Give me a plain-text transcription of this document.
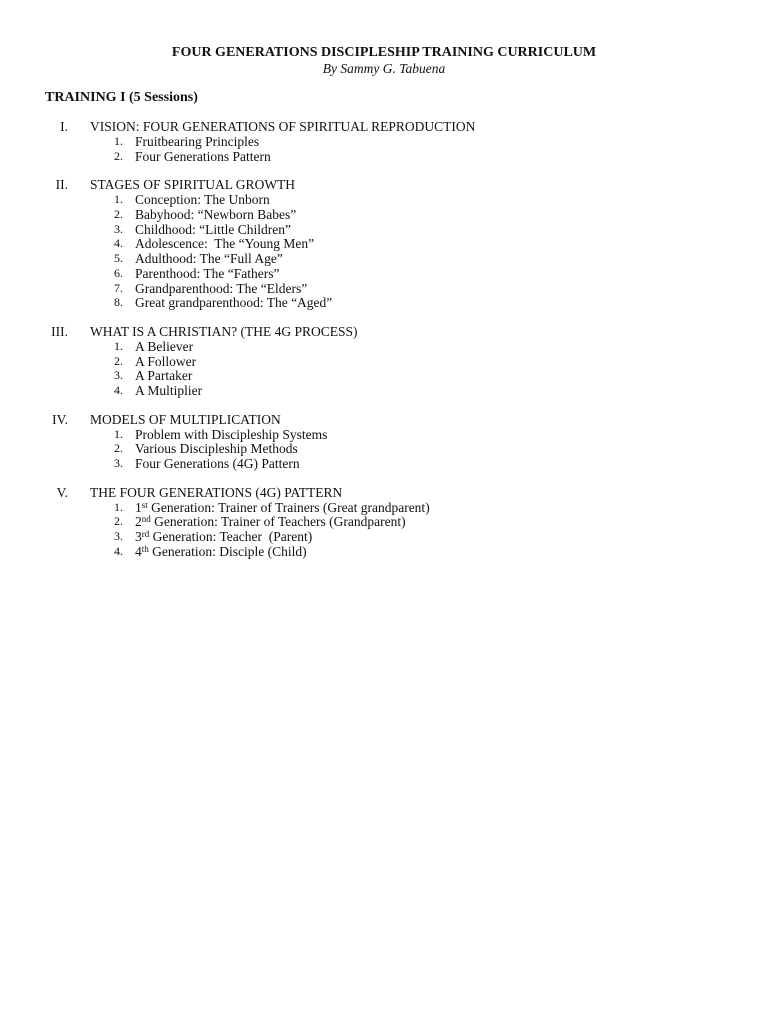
FOUR GENERATIONS DISCIPLESHIP TRAINING CURRICULUM
By Sammy G. Tabuena
TRAINING I (5 Sessions)
I. VISION: FOUR GENERATIONS OF SPIRITUAL REPRODUCTION
1. Fruitbearing Principles
2. Four Generations Pattern
II. STAGES OF SPIRITUAL GROWTH
1. Conception: The Unborn
2. Babyhood: “Newborn Babes”
3. Childhood: “Little Children”
4. Adolescence:  The “Young Men”
5. Adulthood: The “Full Age”
6. Parenthood: The “Fathers”
7. Grandparenthood: The “Elders”
8. Great grandparenthood: The “Aged”
III. WHAT IS A CHRISTIAN? (THE 4G PROCESS)
1. A Believer
2. A Follower
3. A Partaker
4. A Multiplier
IV. MODELS OF MULTIPLICATION
1. Problem with Discipleship Systems
2. Various Discipleship Methods
3. Four Generations (4G) Pattern
V. THE FOUR GENERATIONS (4G) PATTERN
1. 1st Generation: Trainer of Trainers (Great grandparent)
2. 2nd Generation: Trainer of Teachers (Grandparent)
3. 3rd Generation: Teacher  (Parent)
4. 4th Generation: Disciple (Child)
